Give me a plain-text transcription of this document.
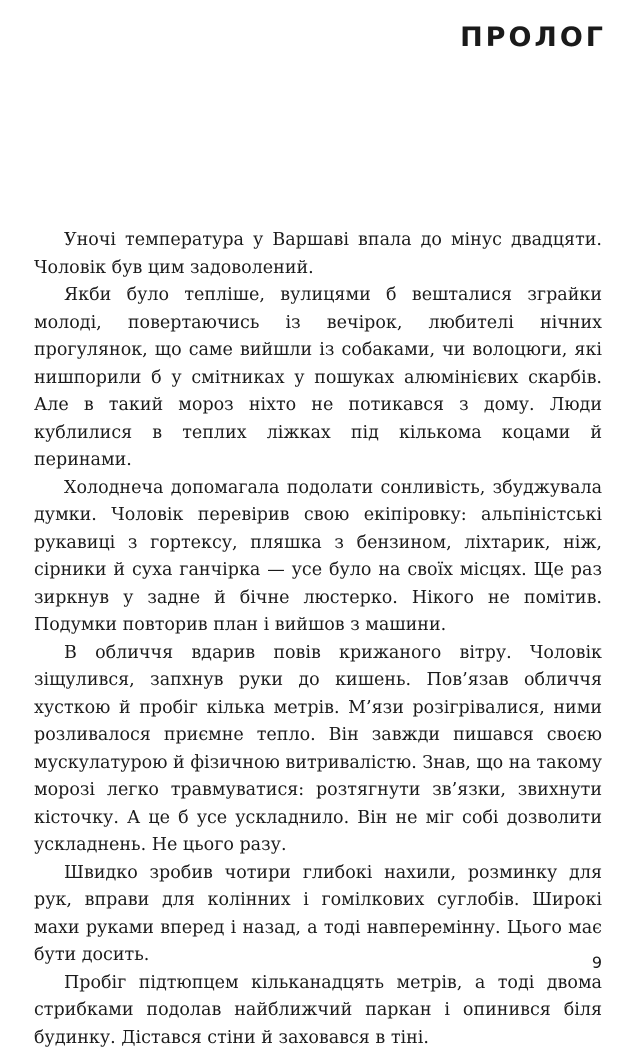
ПРОЛОГ

Уночі температура у Варшаві впала до мінус двадцяти. Чоловік був цим задоволений.

Якби було тепліше, вулицями б вешталися зграйки молоді, повертаючись із вечірок, любителі нічних прогулянок, що саме вийшли із собаками, чи волоцюги, які нишпорили б у смітниках у пошуках алюмінієвих скарбів. Але в такий мороз ніхто не потикався з дому. Люди кублилися в теплих ліжках під кількома коцами й перинами.

Холоднеча допомагала подолати сонливість, збуджувала думки. Чоловік перевірив свою екіпіровку: альпіністські рукавиці з гортексу, пляшка з бензином, ліхтарик, ніж, сірники й суха ганчірка — усе було на своїх місцях. Ще раз зиркнув у задне й бічне люстерко. Нікого не помітив. Подумки повторив план і вийшов з машини.

В обличчя вдарив повів крижаного вітру. Чоловік зіщулився, запхнув руки до кишень. Пов’язав обличчя хусткою й пробіг кілька метрів. М’язи розігрівалися, ними розливалося приємне тепло. Він завжди пишався своєю мускулатурою й фізичною витривалістю. Знав, що на такому морозі легко травмуватися: розтягнути зв’язки, звихнути кісточку. А це б усе ускладнило. Він не міг собі дозволити ускладнень. Не цього разу.

Швидко зробив чотири глибокі нахили, розминку для рук, вправи для колінних і гомілкових суглобів. Широкі махи руками вперед і назад, а тоді навперемінну. Цього має бути досить.

Пробіг підтюпцем кільканадцять метрів, а тоді двома стрибками подолав найближчий паркан і опинився біля будинку. Дістався стіни й заховався в тіні.

9
